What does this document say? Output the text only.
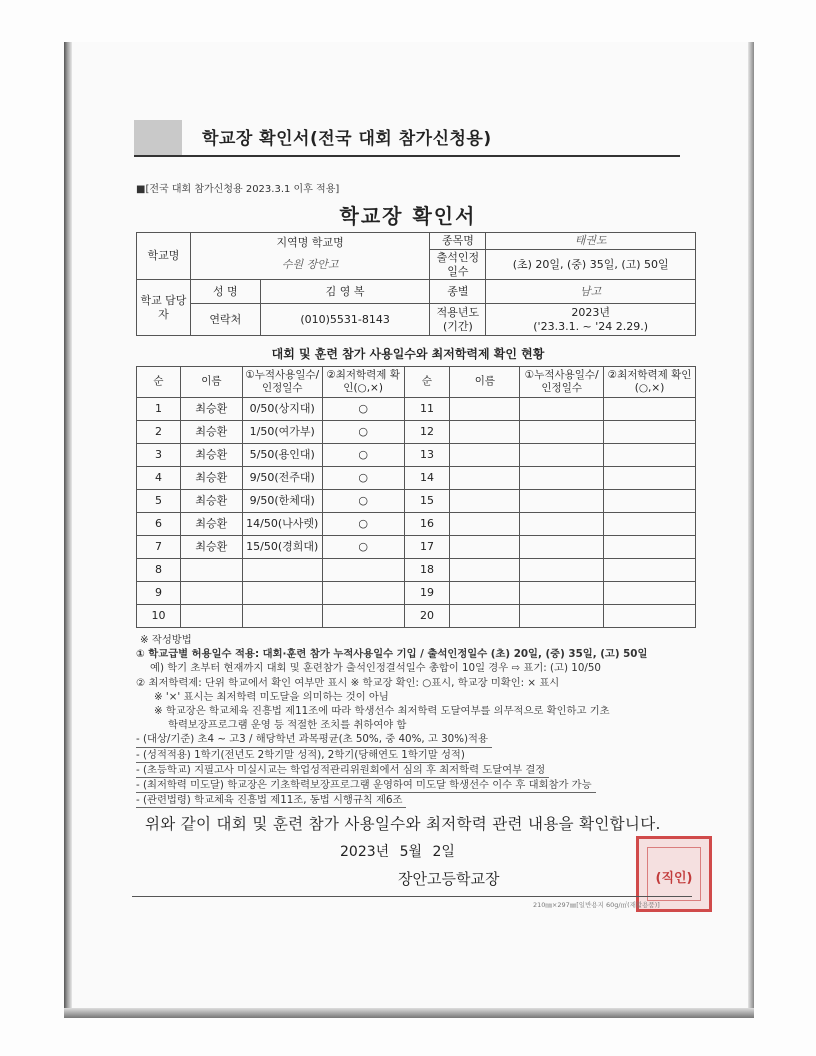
학교장 확인서(전국 대회 참가신청용)
■[전국 대회 참가신청용 2023.3.1 이후 적용]
학교장 확인서
학교명	지역명 학교명		종목명	태권도
	수원 장안고		출석인정 일수	(초) 20일, (중) 35일, (고) 50일
학교 담당자	성 명	김 영 복	종별	남고
	연락처	(010)5531-8143	적용년도 (기간)	2023년
('23.3.1. ~ '24 2.29.)
대회 및 훈련 참가 사용일수와 최저학력제 확인 현황
순	이름	①누적사용일수/ 인정일수	②최저학력제 확인(○,×)	순	이름	①누적사용일수/ 인정일수	②최저학력제 확인(○,×)
1	최승환	0/50(상지대)	○	11			
2	최승환	1/50(여가부)	○	12			
3	최승환	5/50(용인대)	○	13			
4	최승환	9/50(전주대)	○	14			
5	최승환	9/50(한체대)	○	15			
6	최승환	14/50(나사렛)	○	16			
7	최승환	15/50(경희대)	○	17			
8				18			
9				19			
10				20			
※ 작성방법
① 학교급별 허용일수 적용: 대회·훈련 참가 누적사용일수 기입 / 출석인정일수 (초) 20일, (중) 35일, (고) 50일
예) 학기 초부터 현재까지 대회 및 훈련참가 출석인정결석일수 총합이 10일 경우 ⇨ 표기: (고) 10/50
② 최저학력제: 단위 학교에서 확인 여부만 표시 ※ 학교장 확인: ○표시, 학교장 미확인: × 표시
※ '×' 표시는 최저학력 미도달을 의미하는 것이 아님
※ 학교장은 학교체육 진흥법 제11조에 따라 학생선수 최저학력 도달여부를 의무적으로 확인하고 기초
학력보장프로그램 운영 등 적절한 조치를 취하여야 함
- (대상/기준) 초4 ~ 고3 / 해당학년 과목평균(초 50%, 중 40%, 고 30%)적용
- (성적적용) 1학기(전년도 2학기말 성적), 2학기(당해연도 1학기말 성적)
- (초등학교) 지필고사 미실시교는 학업성적관리위원회에서 심의 후 최저학력 도달여부 결정
- (최저학력 미도달) 학교장은 기초학력보장프로그램 운영하여 미도달 학생선수 이수 후 대회참가 가능
- (관련법령) 학교체육 진흥법 제11조, 동법 시행규칙 제6조
위와 같이 대회 및 훈련 참가 사용일수와 최저학력 관련 내용을 확인합니다.
2023년 5월 2일
장안고등학교장	(직인)
210㎜×297㎜[일반용지 60g/㎡(재활용품)]
